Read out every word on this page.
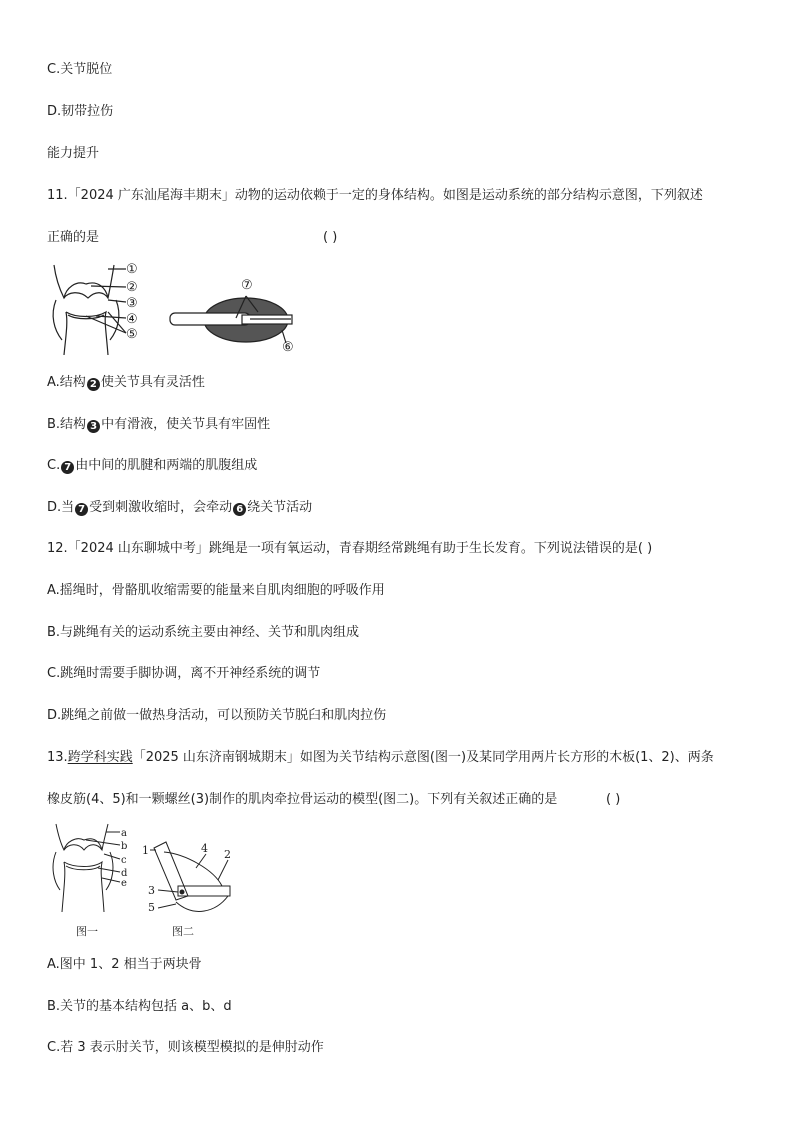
C.关节脱位
D.韧带拉伤
能力提升
11.「2024 广东汕尾海丰期末」动物的运动依赖于一定的身体结构。如图是运动系统的部分结构示意图，下列叙述
正确的是	( )
①
②
③
④
⑤
⑥
⑦
A.结构 2 使关节具有灵活性
B.结构 3 中有滑液，使关节具有牢固性
C. 7 由中间的肌腱和两端的肌腹组成
D.当 7 受到刺激收缩时，会牵动 6 绕关节活动
12.「2024 山东聊城中考」跳绳是一项有氧运动，青春期经常跳绳有助于生长发育。下列说法错误的是( )
A.摇绳时，骨骼肌收缩需要的能量来自肌肉细胞的呼吸作用
B.与跳绳有关的运动系统主要由神经、关节和肌肉组成
C.跳绳时需要手脚协调，离不开神经系统的调节
D.跳绳之前做一做热身活动，可以预防关节脱臼和肌肉拉伤
13.跨学科实践「2025 山东济南钢城期末」如图为关节结构示意图(图一)及某同学用两片长方形的木板(1、2)、两条
橡皮筋(4、5)和一颗螺丝(3)制作的肌肉牵拉骨运动的模型(图二)。下列有关叙述正确的是	( )
a
b
c
d
e
1	2
3
4
5
图一	图二
A.图中 1、2 相当于两块骨
B.关节的基本结构包括 a、b、d
C.若 3 表示肘关节，则该模型模拟的是伸肘动作
